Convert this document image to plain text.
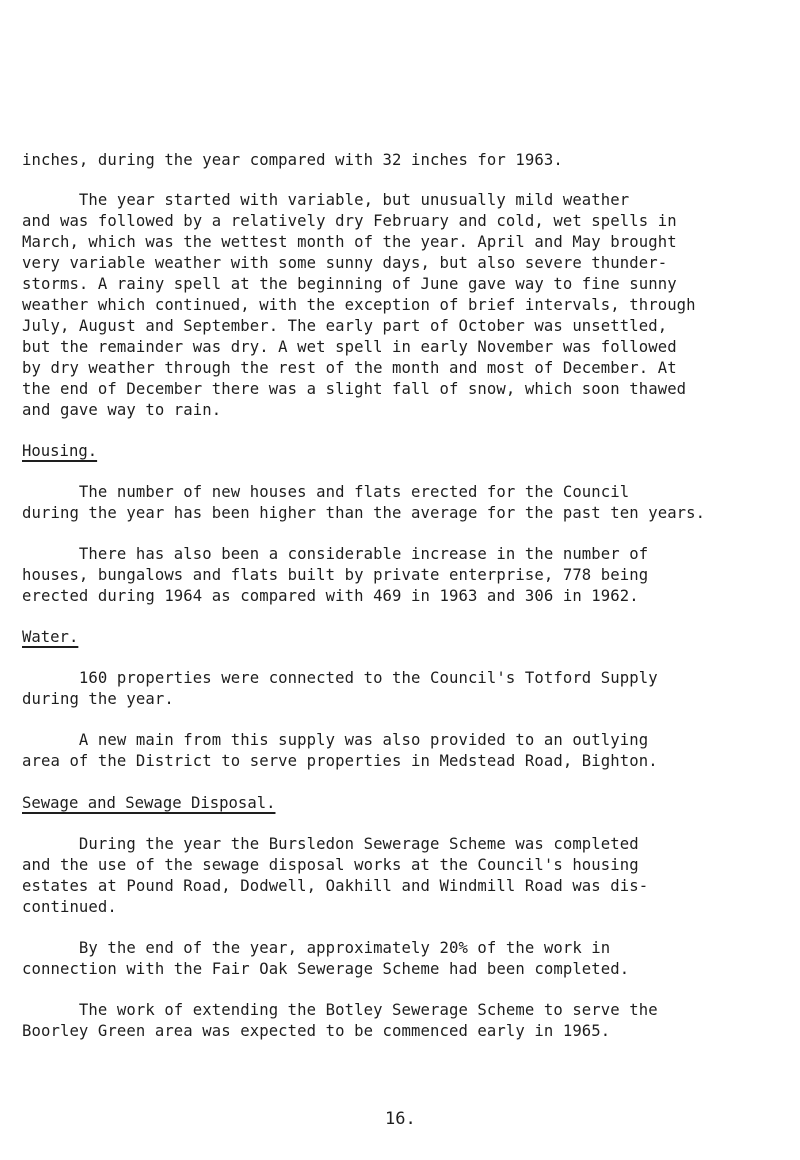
inches, during the year compared with 32 inches for 1963.
The year started with variable, but unusually mild weather
and was followed by a relatively dry February and cold, wet spells in
March, which was the wettest month of the year. April and May brought
very variable weather with some sunny days, but also severe thunder-
storms. A rainy spell at the beginning of June gave way to fine sunny
weather which continued, with the exception of brief intervals, through
July, August and September. The early part of October was unsettled,
but the remainder was dry. A wet spell in early November was followed
by dry weather through the rest of the month and most of December. At
the end of December there was a slight fall of snow, which soon thawed
and gave way to rain.
Housing.
The number of new houses and flats erected for the Council
during the year has been higher than the average for the past ten years.
There has also been a considerable increase in the number of
houses, bungalows and flats built by private enterprise, 778 being
erected during 1964 as compared with 469 in 1963 and 306 in 1962.
Water.
160 properties were connected to the Council's Totford Supply
during the year.
A new main from this supply was also provided to an outlying
area of the District to serve properties in Medstead Road, Bighton.
Sewage and Sewage Disposal.
During the year the Bursledon Sewerage Scheme was completed
and the use of the sewage disposal works at the Council's housing
estates at Pound Road, Dodwell, Oakhill and Windmill Road was dis-
continued.
By the end of the year, approximately 20% of the work in
connection with the Fair Oak Sewerage Scheme had been completed.
The work of extending the Botley Sewerage Scheme to serve the
Boorley Green area was expected to be commenced early in 1965.
16.
